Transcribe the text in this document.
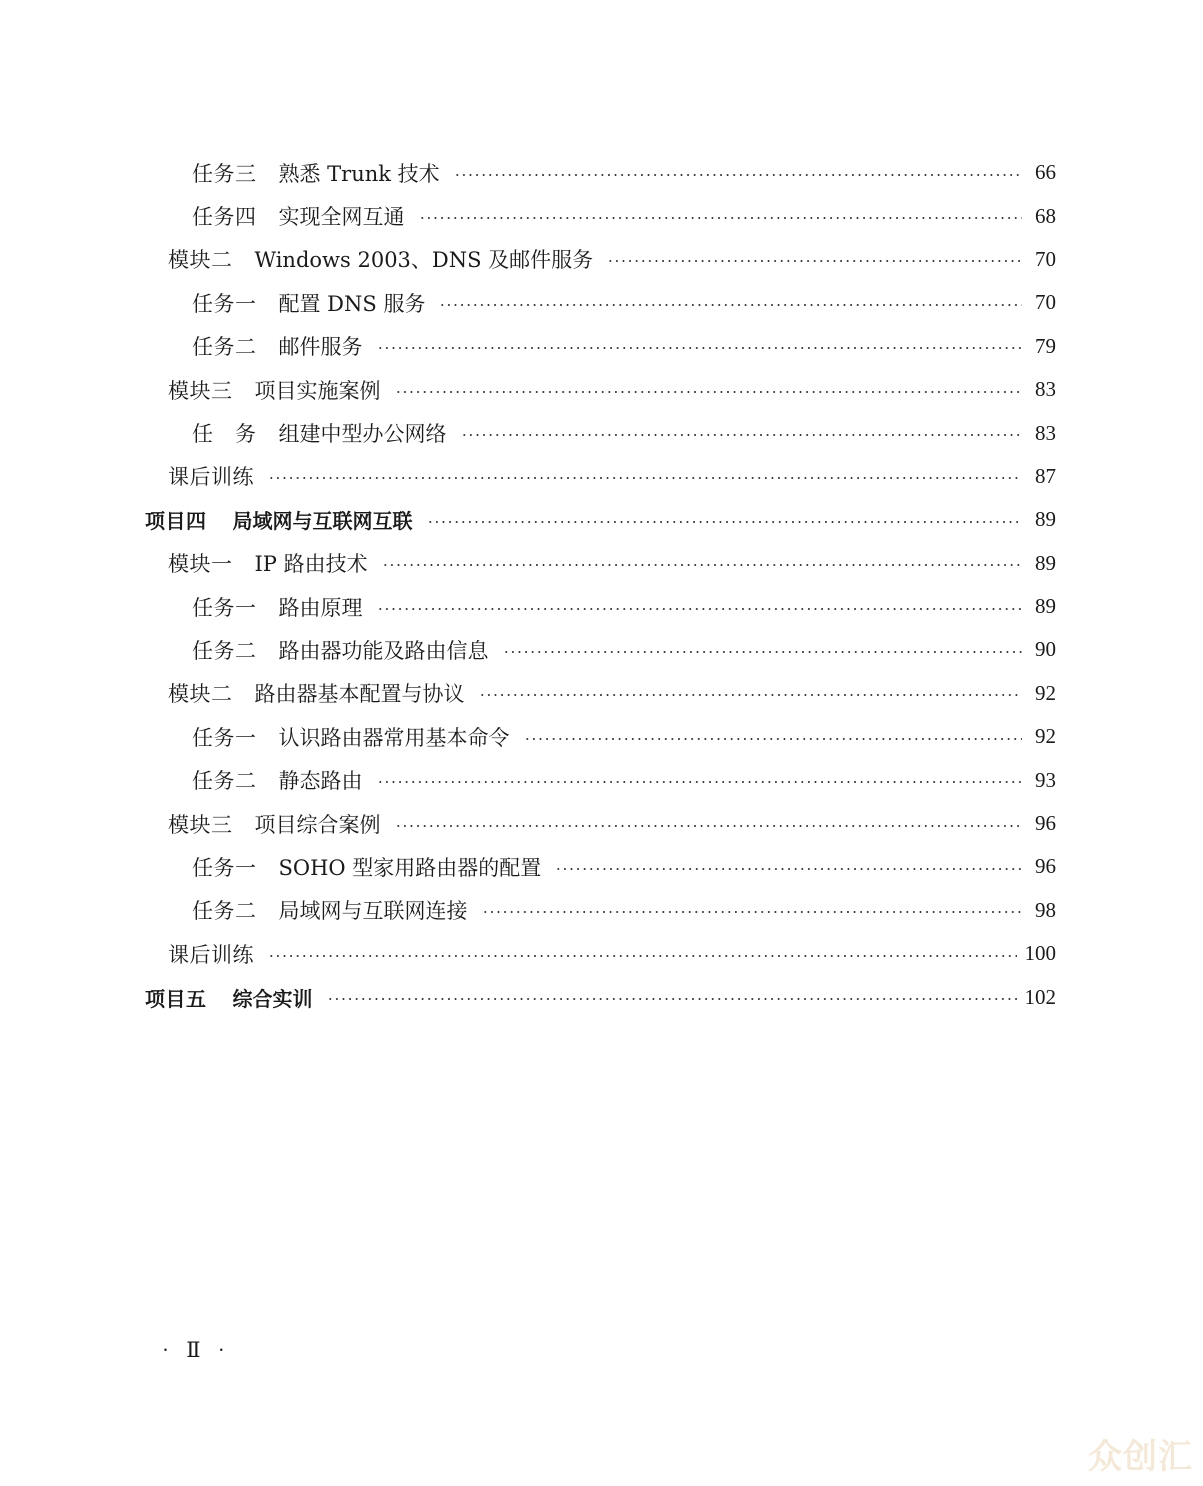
任务三 熟悉 Trunk 技术	66
任务四 实现全网互通	68
模块二 Windows 2003、DNS 及邮件服务	70
任务一 配置 DNS 服务	70
任务二 邮件服务	79
模块三 项目实施案例	83
任　务 组建中型办公网络	83
课后训练	87
项目四 局域网与互联网互联	89
模块一 IP 路由技术	89
任务一 路由原理	89
任务二 路由器功能及路由信息	90
模块二 路由器基本配置与协议	92
任务一 认识路由器常用基本命令	92
任务二 静态路由	93
模块三 项目综合案例	96
任务一 SOHO 型家用路由器的配置	96
任务二 局域网与互联网连接	98
课后训练	100
项目五 综合实训	102
· Ⅱ ·
众创汇
